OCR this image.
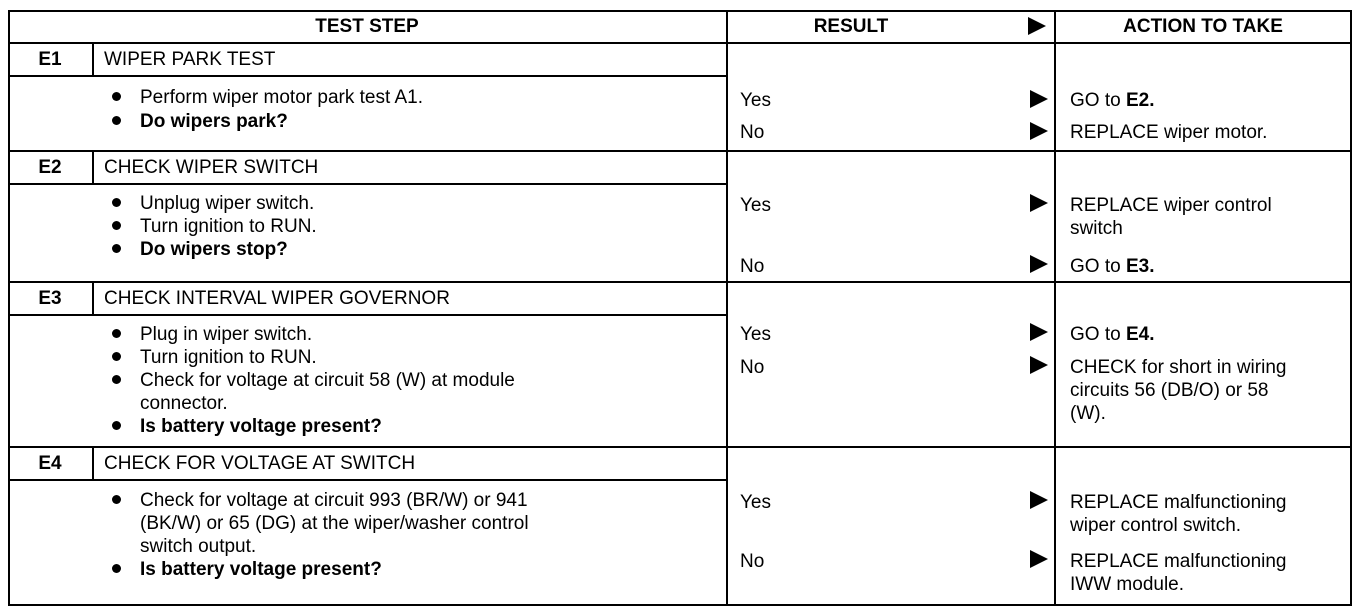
TEST STEP	RESULT	ACTION TO TAKE
E1	WIPER PARK TEST
Perform wiper motor park test A1.
Do wipers park?
Yes	GO to E2.
No	REPLACE wiper motor.
E2	CHECK WIPER SWITCH
Unplug wiper switch.
Turn ignition to RUN.
Do wipers stop?
Yes	REPLACE wiper control
switch
No	GO to E3.
E3	CHECK INTERVAL WIPER GOVERNOR
Plug in wiper switch.
Turn ignition to RUN.
Check for voltage at circuit 58 (W) at module
connector.
Is battery voltage present?
Yes	GO to E4.
No	CHECK for short in wiring
circuits 56 (DB/O) or 58
(W).
E4	CHECK FOR VOLTAGE AT SWITCH
Check for voltage at circuit 993 (BR/W) or 941
(BK/W) or 65 (DG) at the wiper/washer control
switch output.
Is battery voltage present?
Yes	REPLACE malfunctioning
wiper control switch.
No	REPLACE malfunctioning
IWW module.
